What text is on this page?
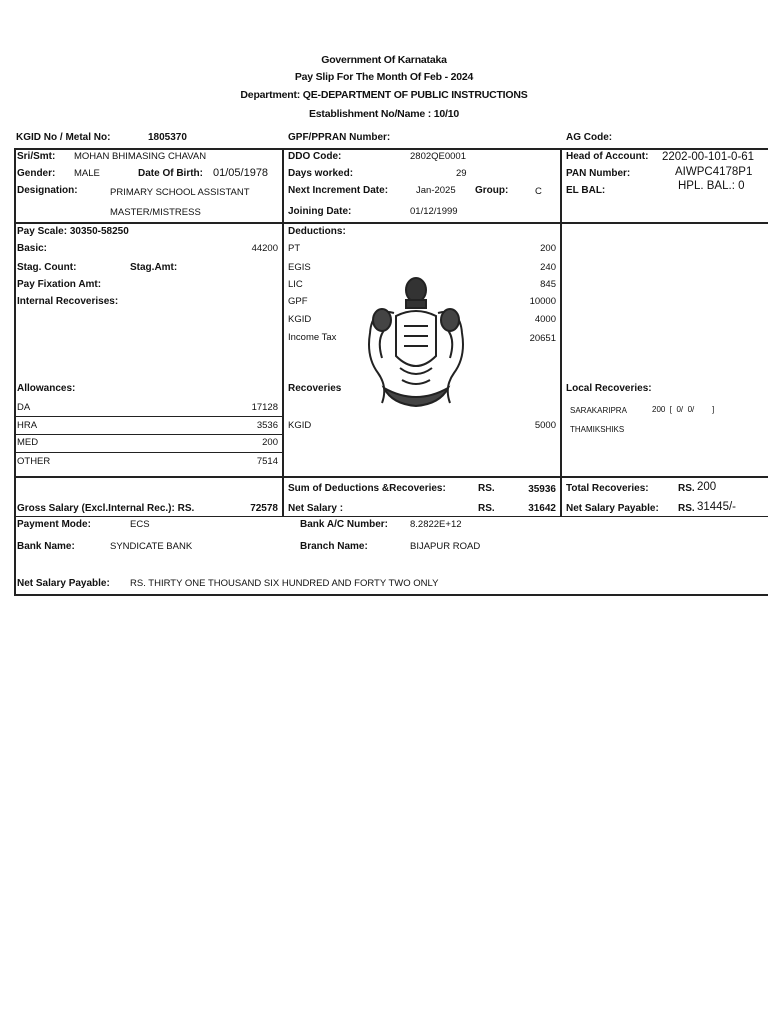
Government Of Karnataka
Pay Slip For The Month Of Feb - 2024
Department: QE-DEPARTMENT OF PUBLIC INSTRUCTIONS
Establishment No/Name : 10/10
KGID No / Metal No:	1805370	GPF/PPRAN Number:	AG Code:
Sri/Smt: MOHAN BHIMASING CHAVAN
Gender: MALE	Date Of Birth: 01/05/1978
Designation:	PRIMARY SCHOOL ASSISTANT
MASTER/MISTRESS
DDO Code:	2802QE0001
Days worked:	29
Next Increment Date:	Jan-2025 Group:	C
Joining Date:	01/12/1999
Head of Account: 2202-00-101-0-61
PAN Number:	AIWPC4178P1
EL BAL:	HPL. BAL.: 0
Pay Scale: 30350-58250
Basic:	44200
Stag. Count:	Stag.Amt:
Pay Fixation Amt:
Internal Recoverises:
Allowances:
DA	17128
HRA	3536
MED	200
OTHER	7514
Deductions:
PT	200
EGIS	240
LIC	845
GPF	10000
KGID	4000
Income Tax	20651
Recoveries
KGID	5000
Local Recoveries:
SARAKARIPRA	200  [  0/  0/        ]
THAMIKSHIKS
Sum of Deductions &Recoveries:	RS.	35936 Total Recoveries:	RS. 200
Gross Salary (Excl.Internal Rec.): RS.	72578 Net Salary :	RS.	31642 Net Salary Payable: RS. 31445/-
Payment Mode:	ECS	Bank A/C Number: 8.2822E+12
Bank Name:	SYNDICATE BANK	Branch Name:	BIJAPUR ROAD
Net Salary Payable: RS. THIRTY ONE THOUSAND SIX HUNDRED AND FORTY TWO ONLY
